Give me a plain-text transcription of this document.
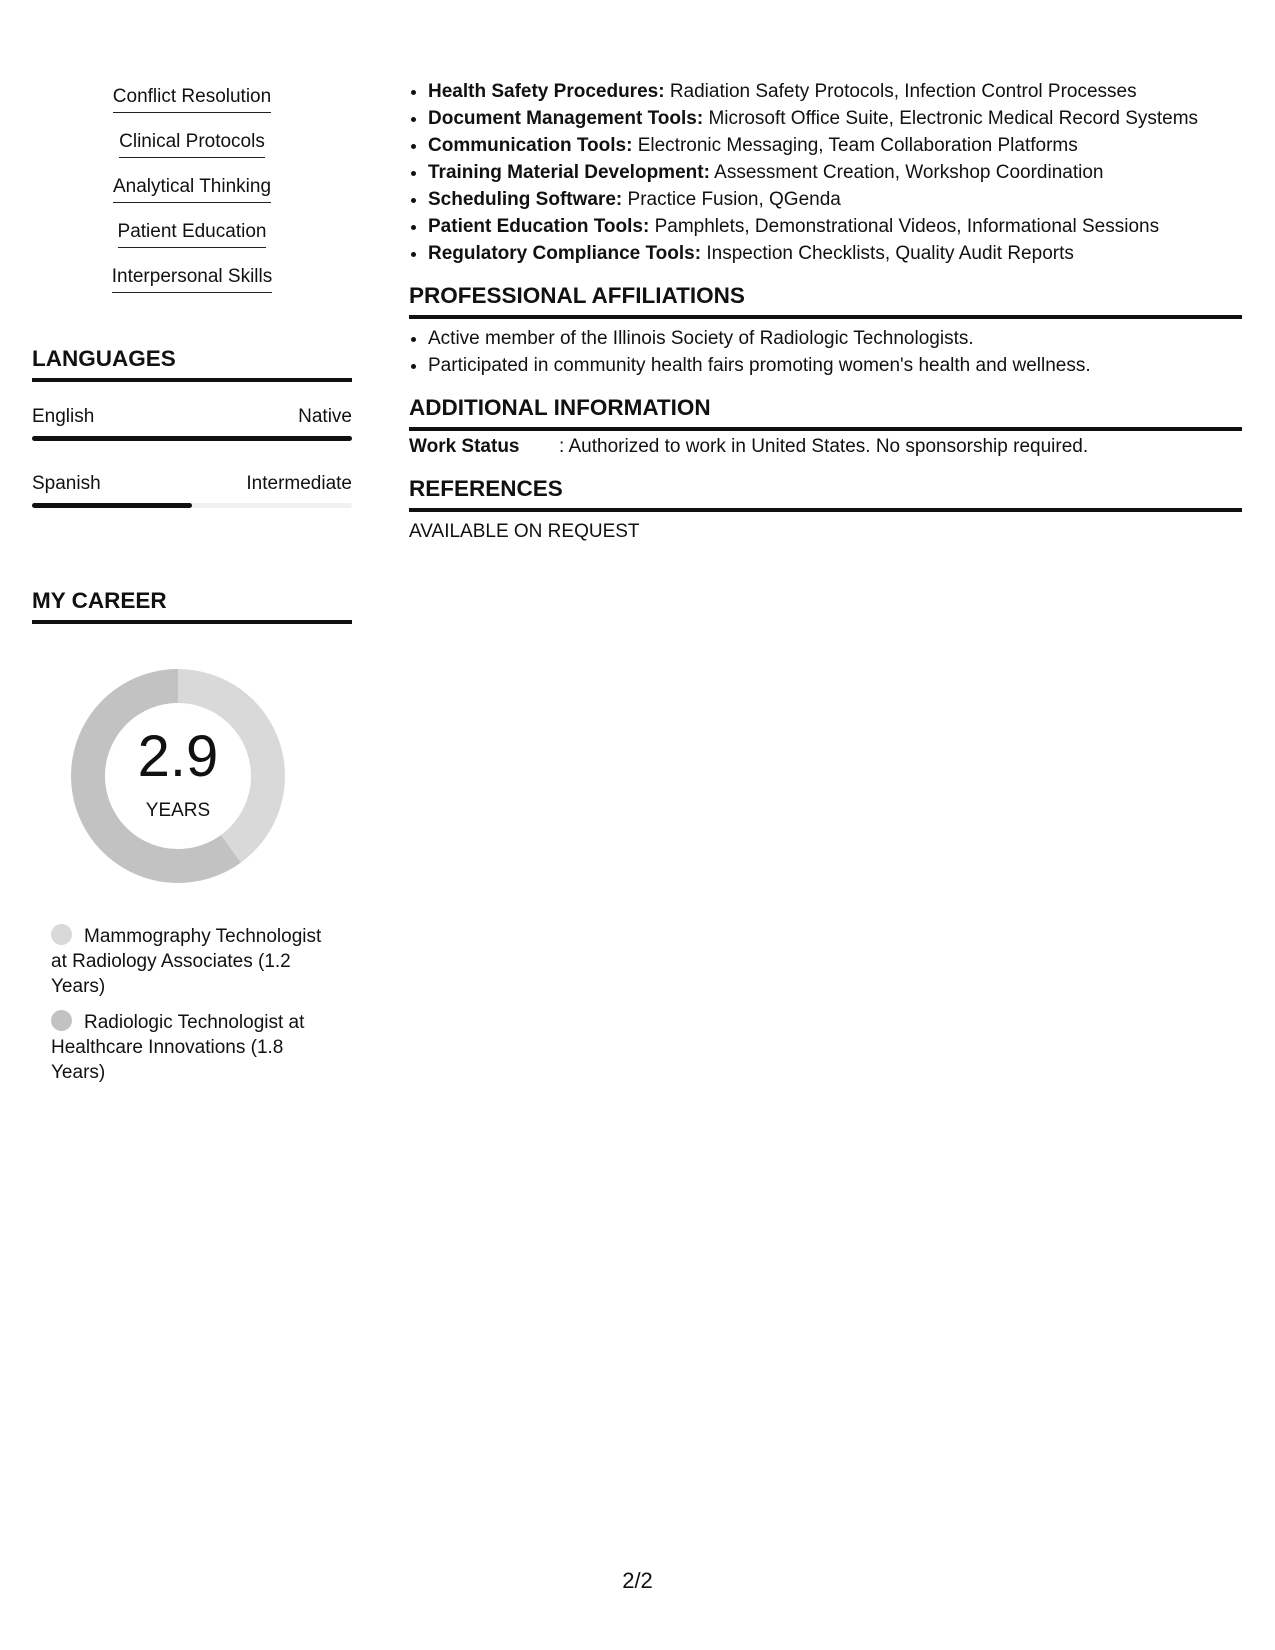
Conflict Resolution
Clinical Protocols
Analytical Thinking
Patient Education
Interpersonal Skills
LANGUAGES
English	Native
Spanish	Intermediate
MY CAREER
2.9
YEARS
Mammography Technologist at Radiology Associates (1.2 Years)
Radiologic Technologist at Healthcare Innovations (1.8 Years)
• Health Safety Procedures: Radiation Safety Protocols, Infection Control Processes
• Document Management Tools: Microsoft Office Suite, Electronic Medical Record Systems
• Communication Tools: Electronic Messaging, Team Collaboration Platforms
• Training Material Development: Assessment Creation, Workshop Coordination
• Scheduling Software: Practice Fusion, QGenda
• Patient Education Tools: Pamphlets, Demonstrational Videos, Informational Sessions
• Regulatory Compliance Tools: Inspection Checklists, Quality Audit Reports
PROFESSIONAL AFFILIATIONS
• Active member of the Illinois Society of Radiologic Technologists.
• Participated in community health fairs promoting women's health and wellness.
ADDITIONAL INFORMATION
Work Status : Authorized to work in United States. No sponsorship required.
REFERENCES
AVAILABLE ON REQUEST
2/2
